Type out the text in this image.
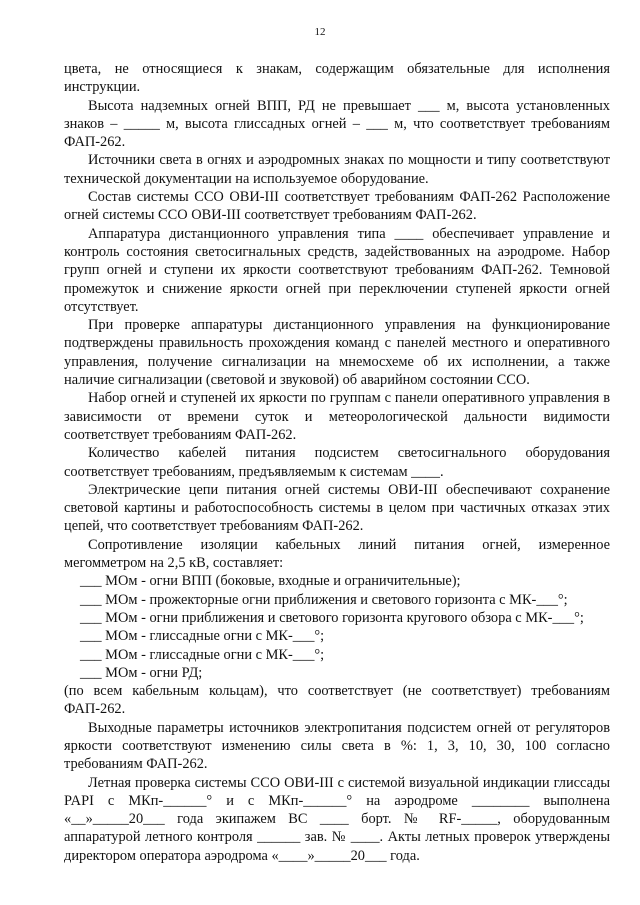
12

цвета, не относящиеся к знакам, содержащим обязательные для исполнения инструкции.

Высота надземных огней ВПП, РД не превышает ___ м, высота установленных знаков – _____ м, высота глиссадных огней – ___ м, что соответствует требованиям ФАП-262.

Источники света в огнях и аэродромных знаках по мощности и типу соответствуют технической документации на используемое оборудование.

Состав системы ССО ОВИ-III соответствует требованиям ФАП-262 Расположение огней системы ССО ОВИ-III соответствует требованиям ФАП-262.

Аппаратура дистанционного управления типа ____ обеспечивает управление и контроль состояния светосигнальных средств, задействованных на аэродроме. Набор групп огней и ступени их яркости соответствуют требованиям ФАП-262. Темновой промежуток и снижение яркости огней при переключении ступеней яркости огней отсутствует.

При проверке аппаратуры дистанционного управления на функционирование подтверждены правильность прохождения команд с панелей местного и оперативного управления, получение сигнализации на мнемосхеме об их исполнении, а также наличие сигнализации (световой и звуковой) об аварийном состоянии ССО.

Набор огней и ступеней их яркости по группам с панели оперативного управления в зависимости от времени суток и метеорологической дальности видимости соответствует требованиям ФАП-262.

Количество кабелей питания подсистем светосигнального оборудования соответствует требованиям, предъявляемым к системам ____.

Электрические цепи питания огней системы ОВИ-III обеспечивают сохранение световой картины и работоспособность системы в целом при частичных отказах этих цепей, что соответствует требованиям ФАП-262.

Сопротивление изоляции кабельных линий питания огней, измеренное мегомметром на 2,5 кВ, составляет:

___ МОм - огни ВПП (боковые, входные и ограничительные);

___ МОм - прожекторные огни приближения и светового горизонта с МК-___°;

___ МОм - огни приближения и светового горизонта кругового обзора с МК-___°;

___ МОм - глиссадные огни с МК-___°;

___ МОм - глиссадные огни с МК-___°;

___ МОм - огни РД;

(по всем кабельным кольцам), что соответствует (не соответствует) требованиям ФАП-262.

Выходные параметры источников электропитания подсистем огней от регуляторов яркости соответствуют изменению силы света в %: 1, 3, 10, 30, 100 согласно требованиям ФАП-262.

Летная проверка системы ССО ОВИ-III с системой визуальной индикации глиссады PAPI с МКп-______° и с МКп-______° на аэродроме ________ выполнена «__»_____20___ года экипажем ВС ____ борт. № RF-_____, оборудованным аппаратурой летного контроля ______ зав. № ____. Акты летных проверок утверждены директором оператора аэродрома «____»_____20___ года.
